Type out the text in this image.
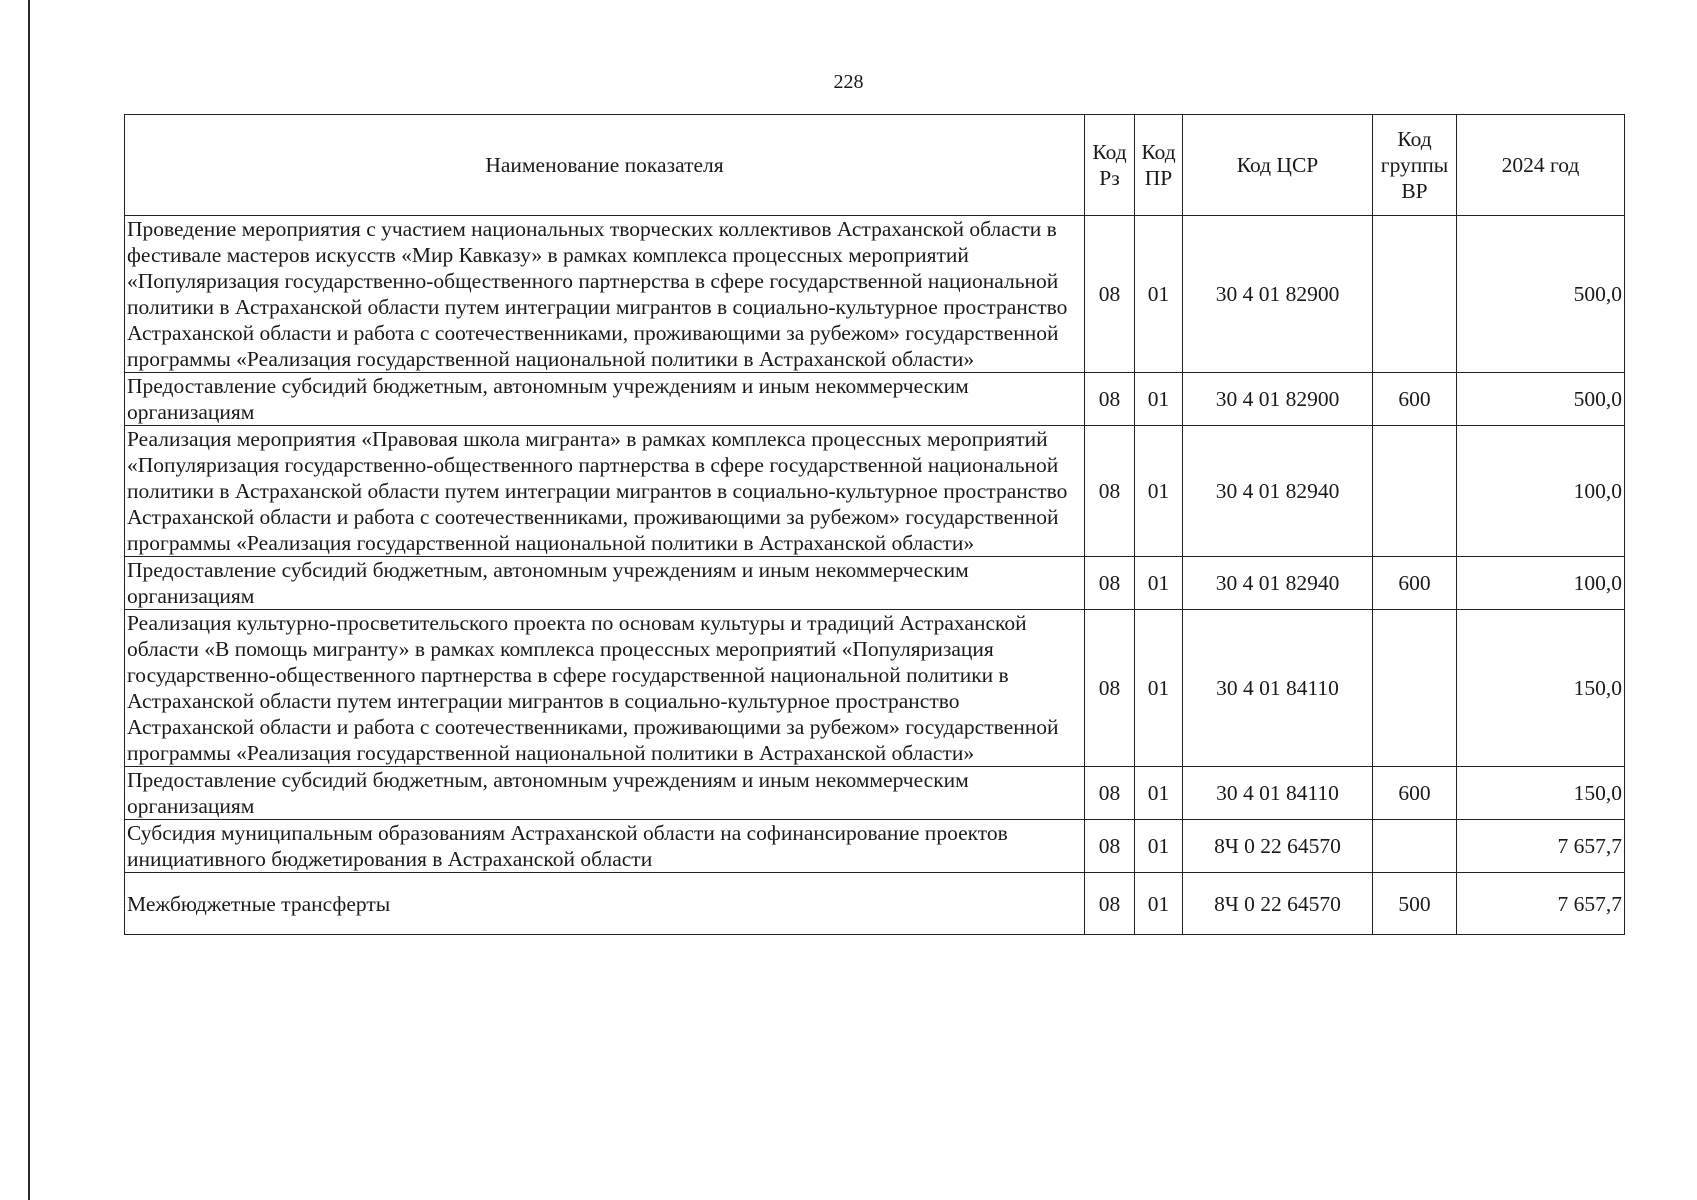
228
Наименование показателя	Код Рз	Код ПР	Код ЦСР	Код группы ВР	2024 год
Проведение мероприятия с участием национальных творческих коллективов Астраханской области в фестивале мастеров искусств «Мир Кавказу» в рамках комплекса процессных мероприятий «Популяризация государственно-общественного партнерства в сфере государственной национальной политики в Астраханской области путем интеграции мигрантов в социально-культурное пространство Астраханской области и работа с соотечественниками, проживающими за рубежом» государственной программы «Реализация государственной национальной политики в Астраханской области»	08	01	30 4 01 82900		500,0
Предоставление субсидий бюджетным, автономным учреждениям и иным некоммерческим организациям	08	01	30 4 01 82900	600	500,0
Реализация мероприятия «Правовая школа мигранта» в рамках комплекса процессных мероприятий «Популяризация государственно-общественного партнерства в сфере государственной национальной политики в Астраханской области путем интеграции мигрантов в социально-культурное пространство Астраханской области и работа с соотечественниками, проживающими за рубежом» государственной программы «Реализация государственной национальной политики в Астраханской области»	08	01	30 4 01 82940		100,0
Предоставление субсидий бюджетным, автономным учреждениям и иным некоммерческим организациям	08	01	30 4 01 82940	600	100,0
Реализация культурно-просветительского проекта по основам культуры и традиций Астраханской области «В помощь мигранту» в рамках комплекса процессных мероприятий «Популяризация государственно-общественного партнерства в сфере государственной национальной политики в Астраханской области путем интеграции мигрантов в социально-культурное пространство Астраханской области и работа с соотечественниками, проживающими за рубежом» государственной программы «Реализация государственной национальной политики в Астраханской области»	08	01	30 4 01 84110		150,0
Предоставление субсидий бюджетным, автономным учреждениям и иным некоммерческим организациям	08	01	30 4 01 84110	600	150,0
Субсидия муниципальным образованиям Астраханской области на софинансирование проектов инициативного бюджетирования в Астраханской области	08	01	8Ч 0 22 64570		7 657,7
Межбюджетные трансферты	08	01	8Ч 0 22 64570	500	7 657,7
